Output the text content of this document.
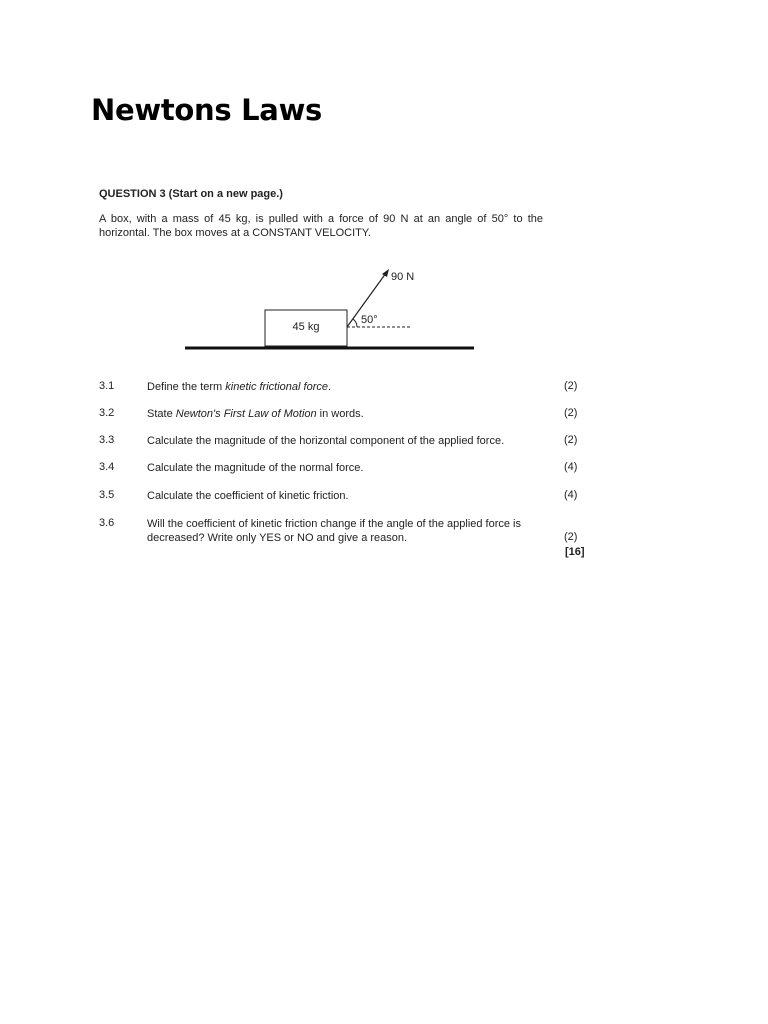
Newtons Laws

QUESTION 3 (Start on a new page.)

A box, with a mass of 45 kg, is pulled with a force of 90 N at an angle of 50° to the
horizontal. The box moves at a CONSTANT VELOCITY.

45 kg
90 N
50°
3.1	Define the term kinetic frictional force.	(2)
3.2	State Newton's First Law of Motion in words.	(2)
3.3	Calculate the magnitude of the horizontal component of the applied force.	(2)
3.4	Calculate the magnitude of the normal force.	(4)
3.5	Calculate the coefficient of kinetic friction.	(4)
3.6	Will the coefficient of kinetic friction change if the angle of the applied force is
decreased? Write only YES or NO and give a reason.	(2)
[16]
